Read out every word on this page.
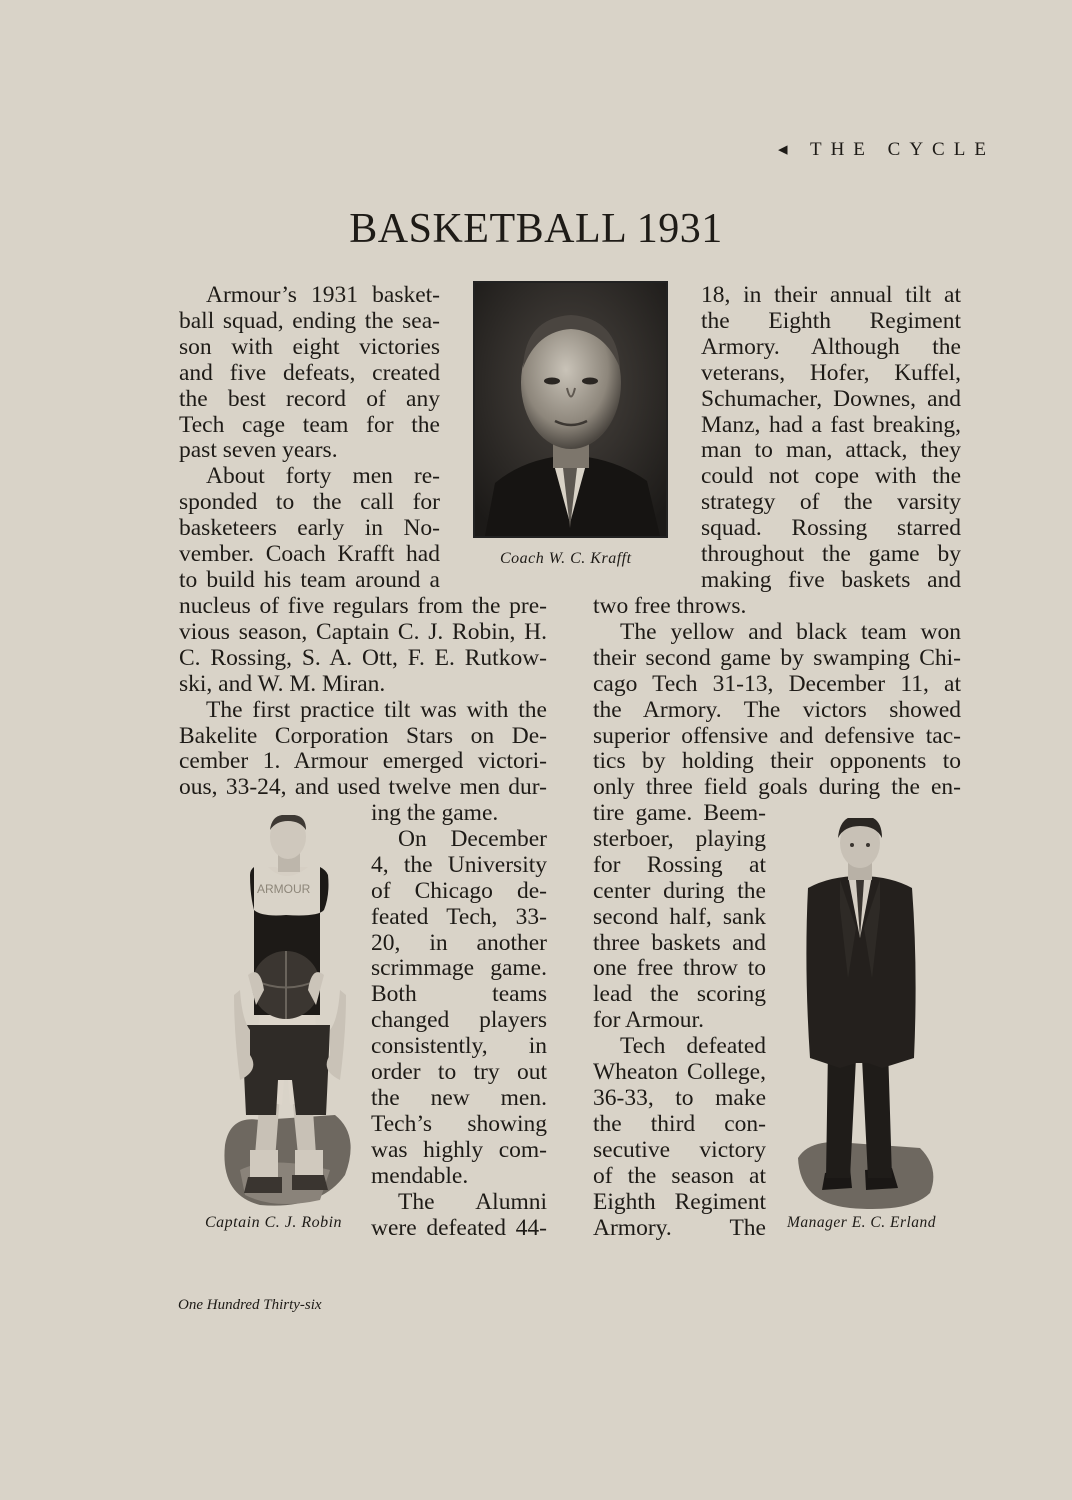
◂ THE CYCLE
BASKETBALL 1931
Coach W. C. Krafft
ARMOUR
Captain C. J. Robin	Manager E. C. Erland

Armour’s 1931 basket-

ball squad, ending the sea-

son with eight victories

and five defeats, created

the best record of any

Tech cage team for the

past seven years.

About forty men re-

sponded to the call for

basketeers early in No-

vember. Coach Krafft had

to build his team around a

nucleus of five regulars from the pre-

vious season, Captain C. J. Robin, H.

C. Rossing, S. A. Ott, F. E. Rutkow-

ski, and W. M. Miran.

The first practice tilt was with the

Bakelite Corporation Stars on De-

cember 1. Armour emerged victori-

ous, 33-24, and used twelve men dur-

ing the game.

On December

4, the University

of Chicago de-

feated Tech, 33-

20, in another

scrimmage game.

Both teams

changed players

consistently, in

order to try out

the new men.

Tech’s showing

was highly com-

mendable.

The Alumni

were defeated 44-

18, in their annual tilt at

the Eighth Regiment

Armory. Although the

veterans, Hofer, Kuffel,

Schumacher, Downes, and

Manz, had a fast breaking,

man to man, attack, they

could not cope with the

strategy of the varsity

squad. Rossing starred

throughout the game by

making five baskets and

two free throws.

The yellow and black team won

their second game by swamping Chi-

cago Tech 31-13, December 11, at

the Armory. The victors showed

superior offensive and defensive tac-

tics by holding their opponents to

only three field goals during the en-

tire game. Beem-

sterboer, playing

for Rossing at

center during the

second half, sank

three baskets and

one free throw to

lead the scoring

for Armour.

Tech defeated

Wheaton College,

36-33, to make

the third con-

secutive victory

of the season at

Eighth Regiment

Armory. The

One Hundred Thirty-six
